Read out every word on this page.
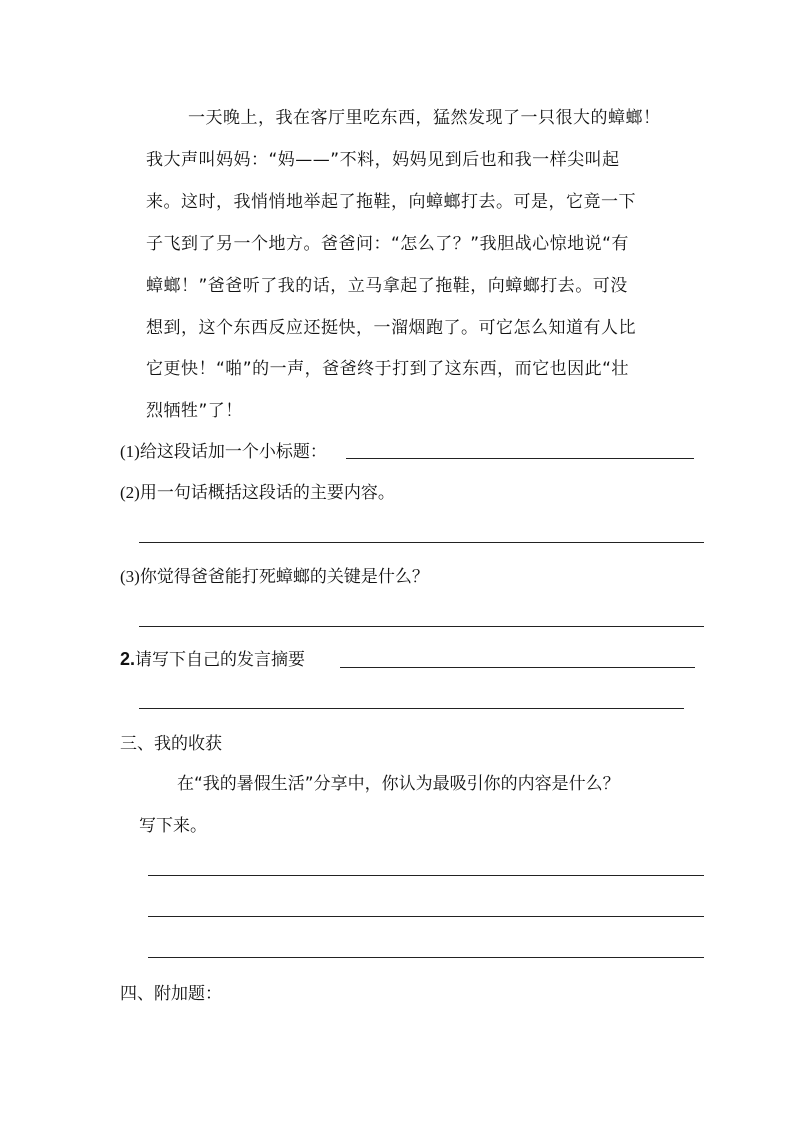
一天晚上，我在客厅里吃东西，猛然发现了一只很大的蟑螂！
我大声叫妈妈：“妈——”不料，妈妈见到后也和我一样尖叫起
来。这时，我悄悄地举起了拖鞋，向蟑螂打去。可是，它竟一下
子飞到了另一个地方。爸爸问：“怎么了？”我胆战心惊地说“有
蟑螂！”爸爸听了我的话，立马拿起了拖鞋，向蟑螂打去。可没
想到，这个东西反应还挺快，一溜烟跑了。可它怎么知道有人比
它更快！“啪”的一声，爸爸终于打到了这东西，而它也因此“壮
烈牺牲”了！
(1)给这段话加一个小标题：
(2)用一句话概括这段话的主要内容。
(3)你觉得爸爸能打死蟑螂的关键是什么？
2.请写下自己的发言摘要
三、我的收获
在“我的暑假生活”分享中，你认为最吸引你的内容是什么？
写下来。
四、附加题：
